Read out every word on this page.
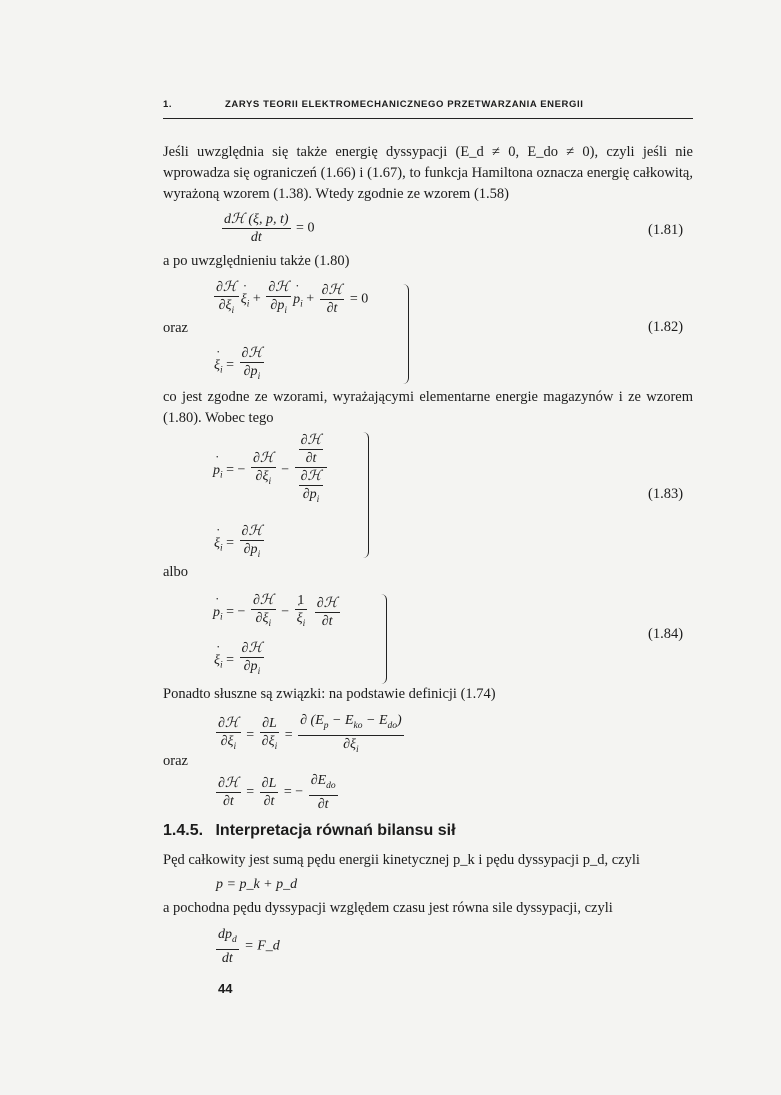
1.	ZARYS TEORII ELEKTROMECHANICZNEGO PRZETWARZANIA ENERGII
Jeśli uwzględnia się także energię dyssypacji (E_d ≠ 0, E_do ≠ 0), czyli jeśli nie wprowadza się ograniczeń (1.66) i (1.67), to funkcja Hamiltona oznacza energię całkowitą, wyrażoną wzorem (1.38). Wtedy zgodnie ze wzorem (1.58)
$\frac{\text{dℋ (ξ, p, t)}}{dt} = 0$	(1.81)
a po uwzględnieniu także (1.80)
$\frac{\text{∂ℋ}}{\partial\xi_i}$ ˙ $\xi_i + \frac{\text{∂ℋ}}{\partial p_i}$ ˙ $p_i + \frac{\text{∂ℋ}}{\partial t} = 0$
oraz
˙ $\xi_i = \frac{\text{∂ℋ}}{\partial p_i}$
(1.82)
co jest zgodne ze wzorami, wyrażającymi elementarne energie magazynów i ze wzorem (1.80). Wobec tego
˙ $p_i$ = − $\frac{\text{∂ℋ}}{\partial\xi_i} - \frac{\frac{\text{∂ℋ}}{\partial t}}{\frac{\text{∂ℋ}}{\partial p_i}}$
˙ $\xi_i = \frac{\text{∂ℋ}}{\partial p_i}$
(1.83)
albo
˙ $p_i$ = − $\frac{\text{∂ℋ}}{\partial\xi_i} - 1$
˙ $\xi_i$
$\frac{\text{∂ℋ}}{\partial t}$
˙ $\xi_i = \frac{\text{∂ℋ}}{\partial p_i}$
(1.84)
Ponadto słuszne są związki: na podstawie definicji (1.74)
$\frac{\text{∂ℋ}}{\partial\xi_i} = \frac{\partial L}{\partial\xi_i} = \frac{\partial (E_p - E_{ko} - E_{do})}{\partial\xi_i}$
oraz
$\frac{\text{∂ℋ}}{\partial t} = \frac{\partial L}{\partial t}$ = − $\frac{\partial E_{do}}{\partial t}$
1.4.5. Interpretacja równań bilansu sił
Pęd całkowity jest sumą pędu energii kinetycznej p_k i pędu dyssypacji p_d, czyli
p = p_k + p_d
a pochodna pędu dyssypacji względem czasu jest równa sile dyssypacji, czyli
$\frac{dp_d}{dt}$ = F_d
44
